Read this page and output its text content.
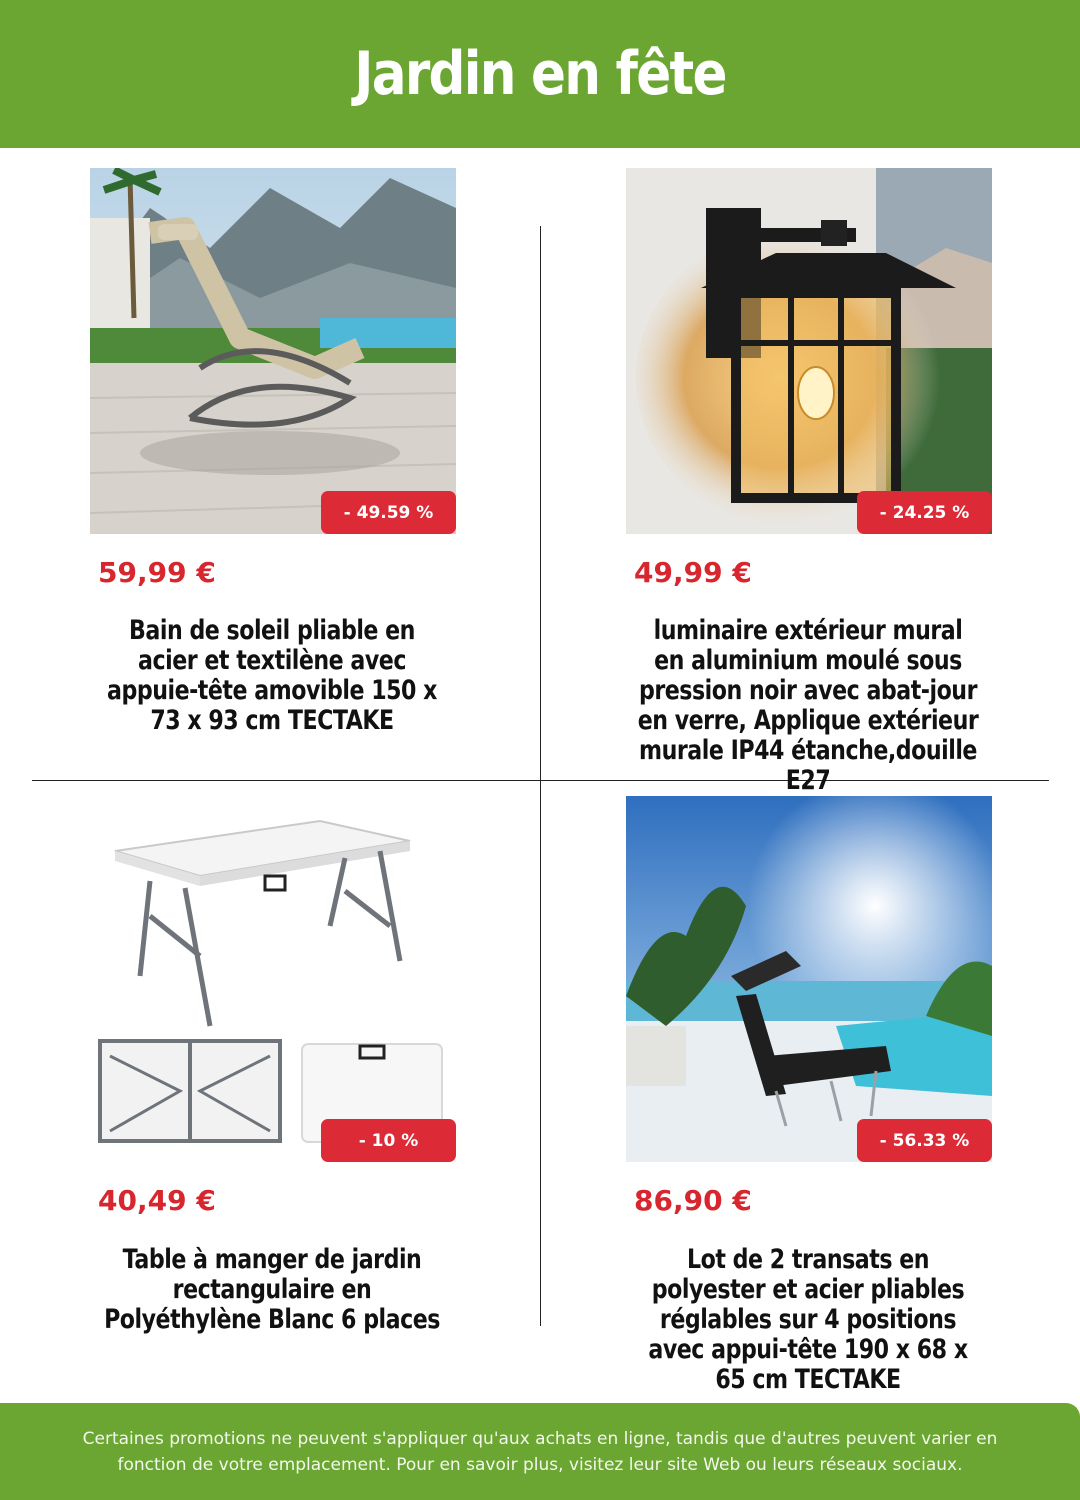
Jardin en fête
- 49.59 %
59,99 €
Bain de soleil pliable en acier et textilène avec appuie-tête amovible 150 x 73 x 93 cm TECTAKE
- 24.25 %
49,99 €
luminaire extérieur mural en aluminium moulé sous pression noir avec abat-jour en verre, Applique extérieur murale IP44 étanche,douille E27
- 10 %
40,49 €
Table à manger de jardin rectangulaire en Polyéthylène Blanc 6 places
- 56.33 %
86,90 €
Lot de 2 transats en polyester et acier pliables réglables sur 4 positions avec appui-tête 190 x 68 x 65 cm TECTAKE

Certaines promotions ne peuvent s'appliquer qu'aux achats en ligne, tandis que d'autres peuvent varier en fonction de votre emplacement. Pour en savoir plus, visitez leur site Web ou leurs réseaux sociaux.
